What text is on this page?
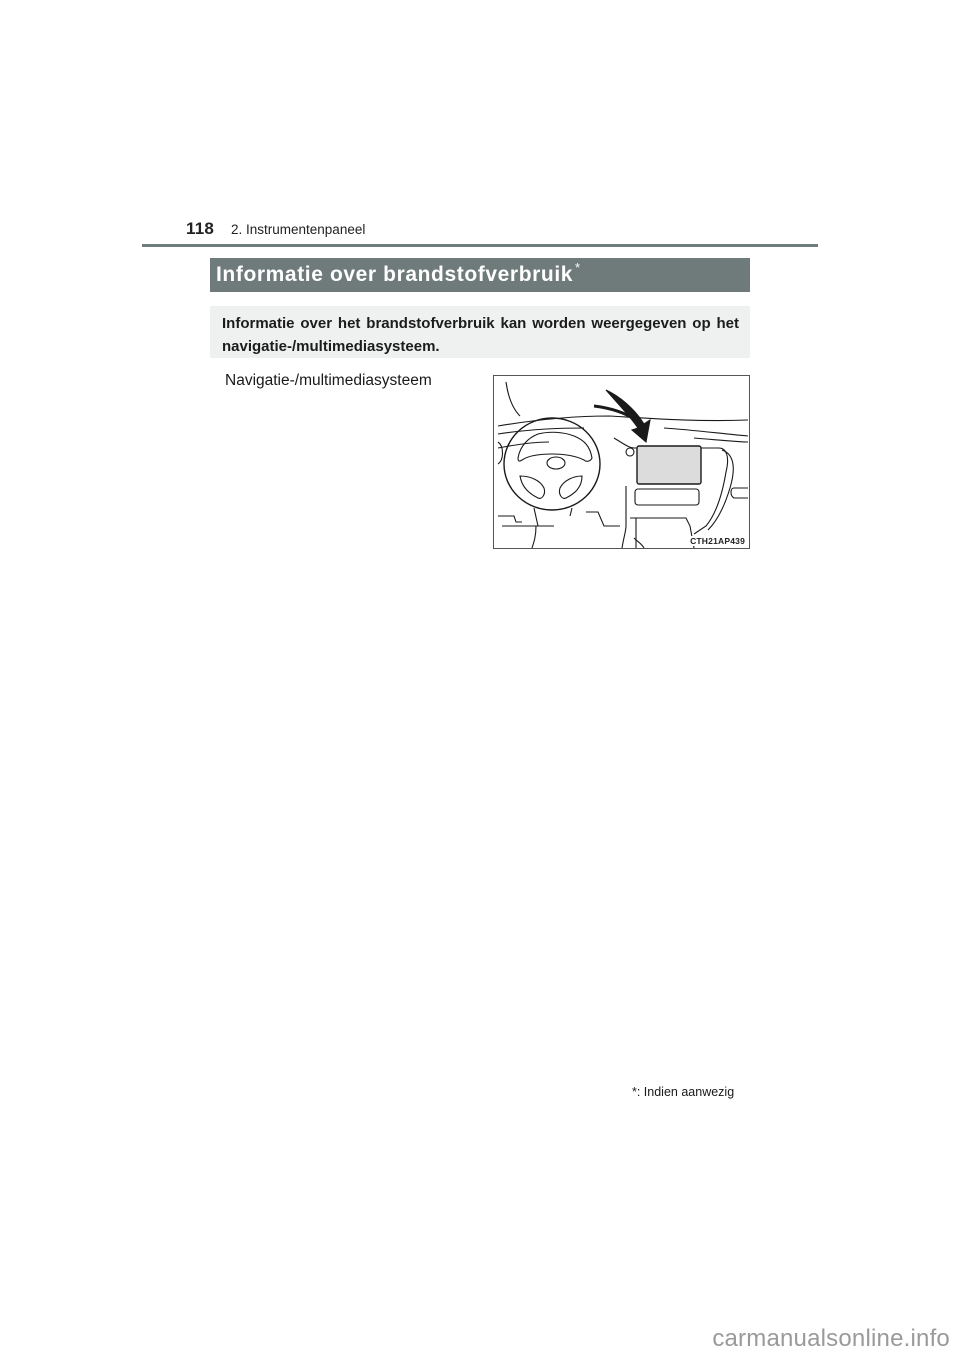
118 2. Instrumentenpaneel
Informatie over brandstofverbruik *

Informatie over het brandstofverbruik kan worden weergegeven op het navigatie-/multimediasysteem.

Navigatie-/multimediasysteem
CTH21AP439
*: Indien aanwezig
carmanualsonline.info
